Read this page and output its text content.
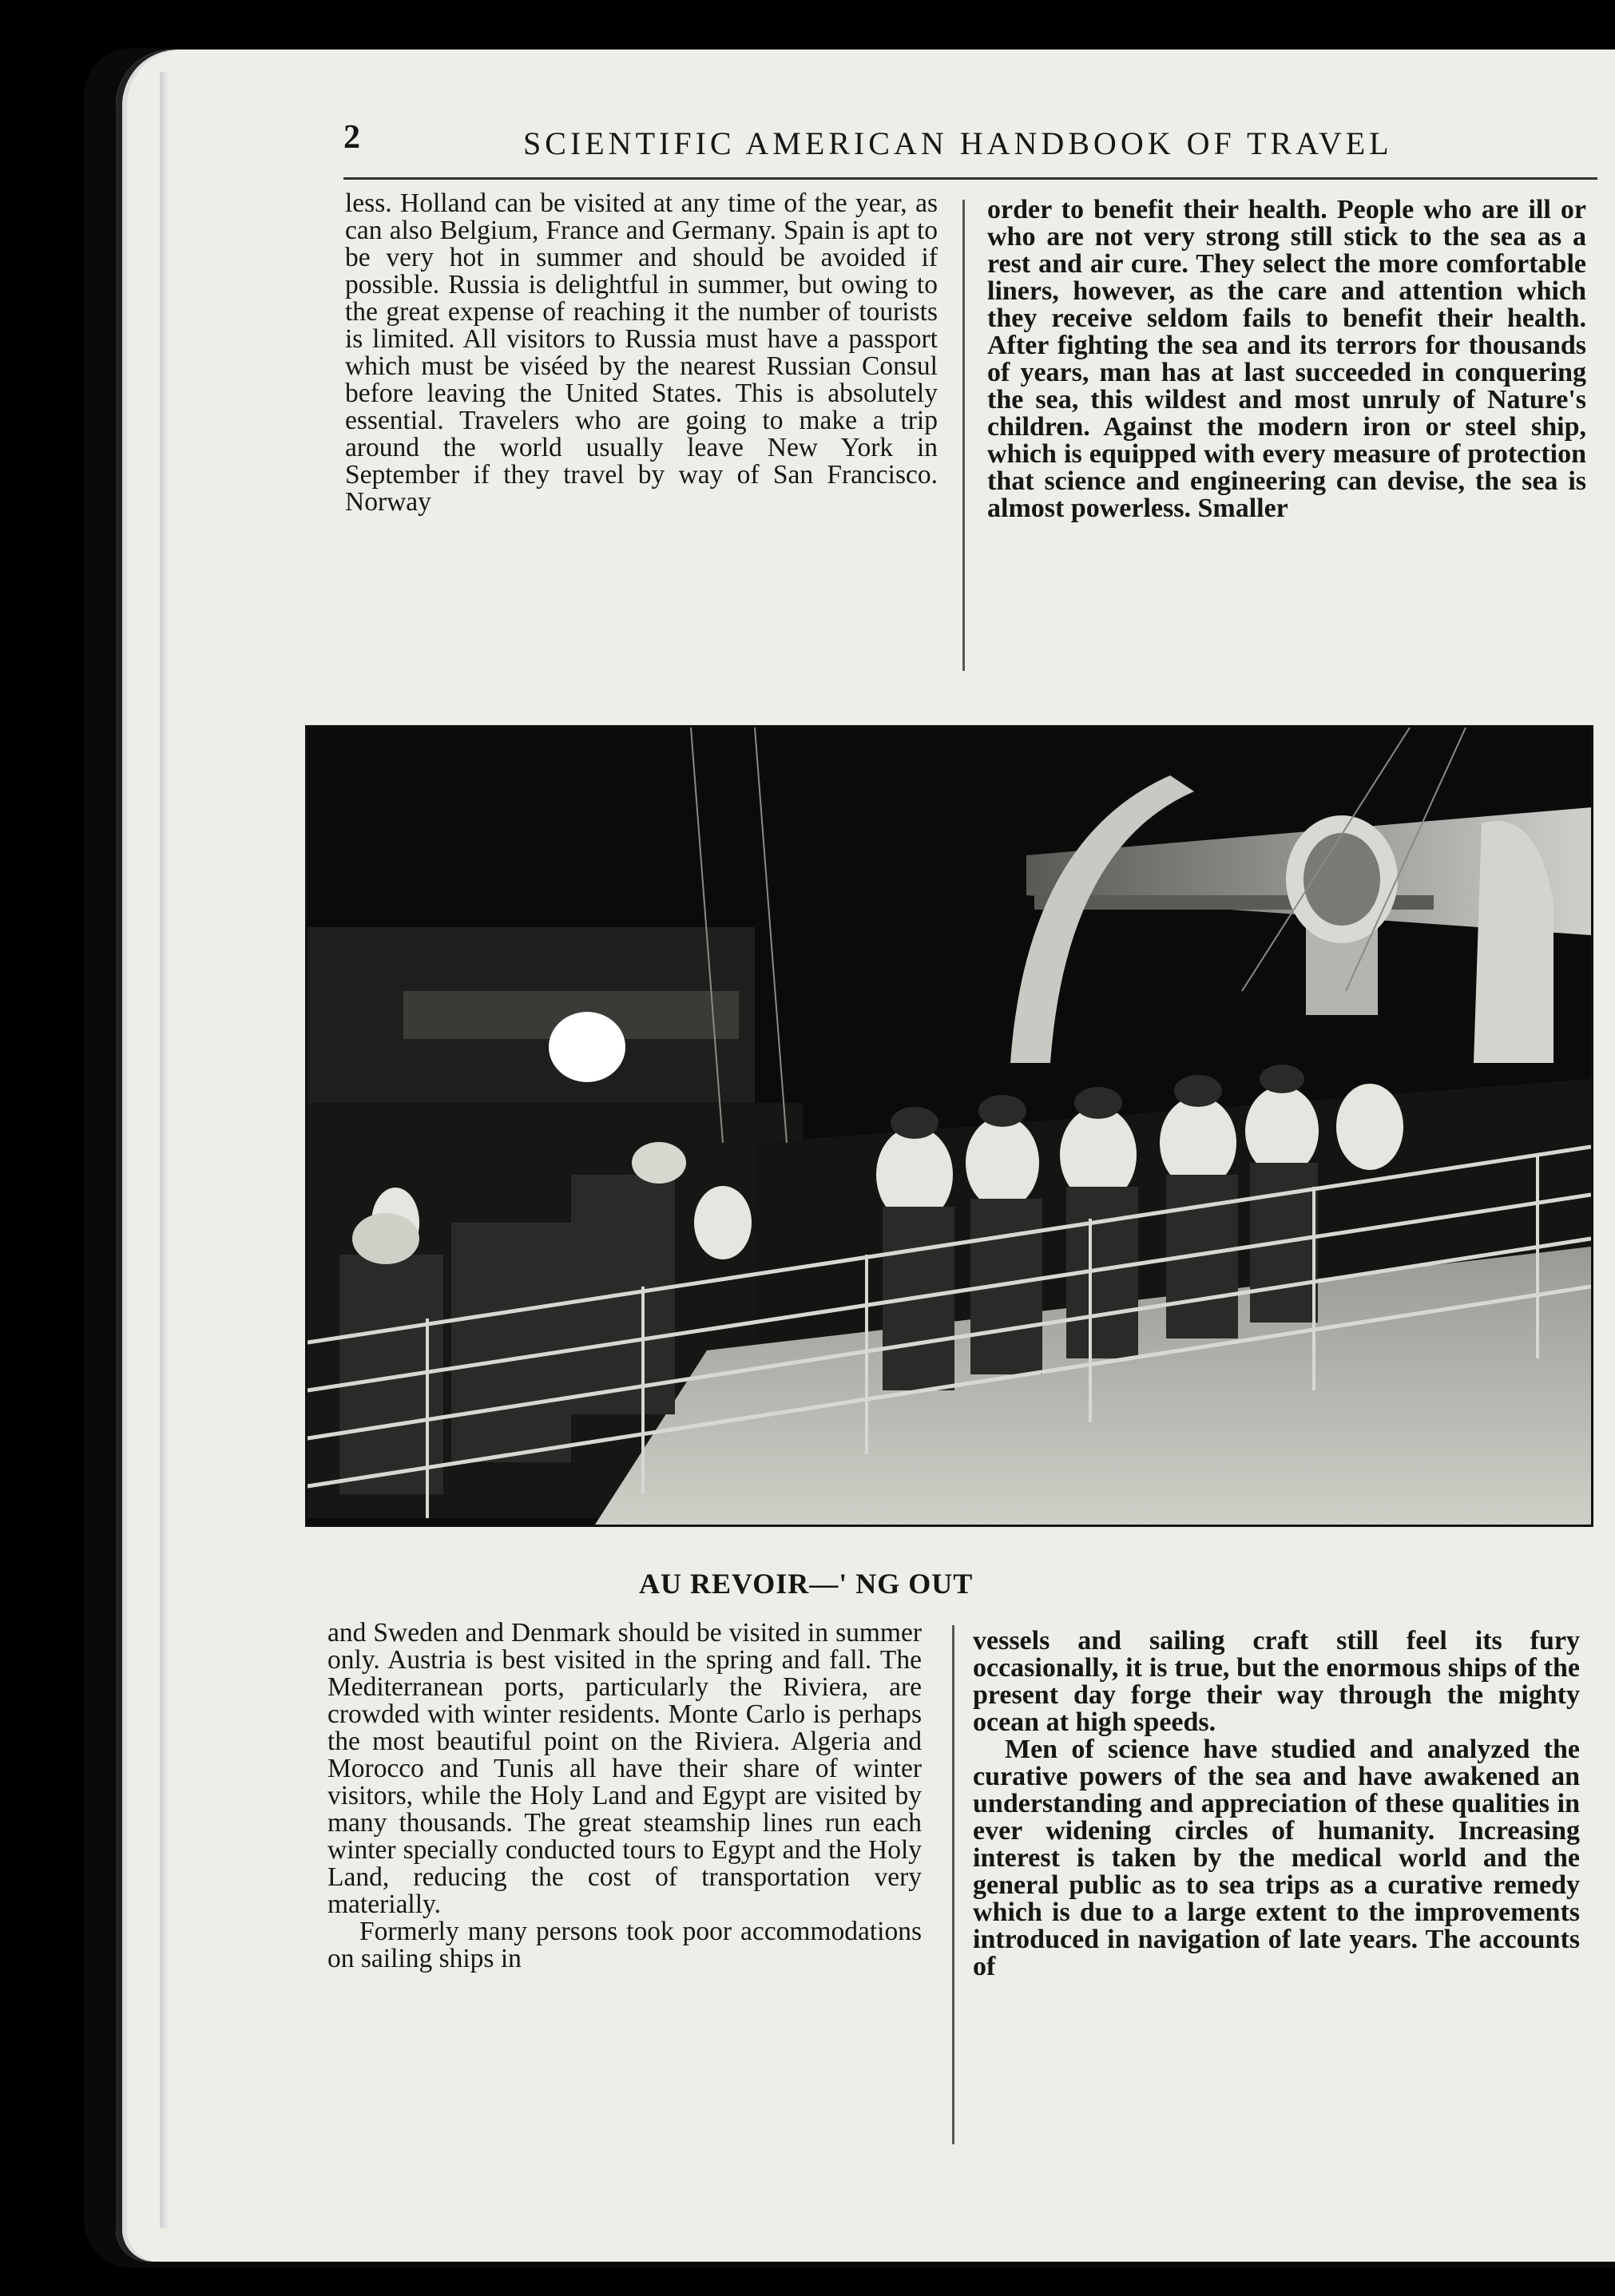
2	SCIENTIFIC AMERICAN HANDBOOK OF TRAVEL

less. Holland can be visited at any time of the year, as can also Belgium, France and Germany. Spain is apt to be very hot in summer and should be avoided if possible. Russia is delightful in summer, but owing to the great expense of reaching it the number of tourists is limited. All visitors to Russia must have a passport which must be viséed by the nearest Russian Consul before leaving the United States. This is absolutely essential. Travelers who are going to make a trip around the world usually leave New York in September if they travel by way of San Francisco. Norway

order to benefit their health. People who are ill or who are not very strong still stick to the sea as a rest and air cure. They select the more comfortable liners, however, as the care and attention which they receive seldom fails to benefit their health. After fighting the sea and its terrors for thousands of years, man has at last succeeded in conquering the sea, this wildest and most unruly of Nature's children. Against the modern iron or steel ship, which is equipped with every measure of protection that science and engineering can devise, the sea is almost powerless. Smaller

AU REVOIR—' NG OUT

and Sweden and Denmark should be visited in summer only. Austria is best visited in the spring and fall. The Mediterranean ports, particularly the Riviera, are crowded with winter residents. Monte Carlo is perhaps the most beautiful point on the Riviera. Algeria and Morocco and Tunis all have their share of winter visitors, while the Holy Land and Egypt are visited by many thousands. The great steamship lines run each winter specially conducted tours to Egypt and the Holy Land, reducing the cost of transportation very materially.

Formerly many persons took poor accommodations on sailing ships in

vessels and sailing craft still feel its fury occasionally, it is true, but the enormous ships of the present day forge their way through the mighty ocean at high speeds.

Men of science have studied and analyzed the curative powers of the sea and have awakened an understanding and appreciation of these qualities in ever widening circles of humanity. Increasing interest is taken by the medical world and the general public as to sea trips as a curative remedy which is due to a large extent to the improvements introduced in navigation of late years. The accounts of
